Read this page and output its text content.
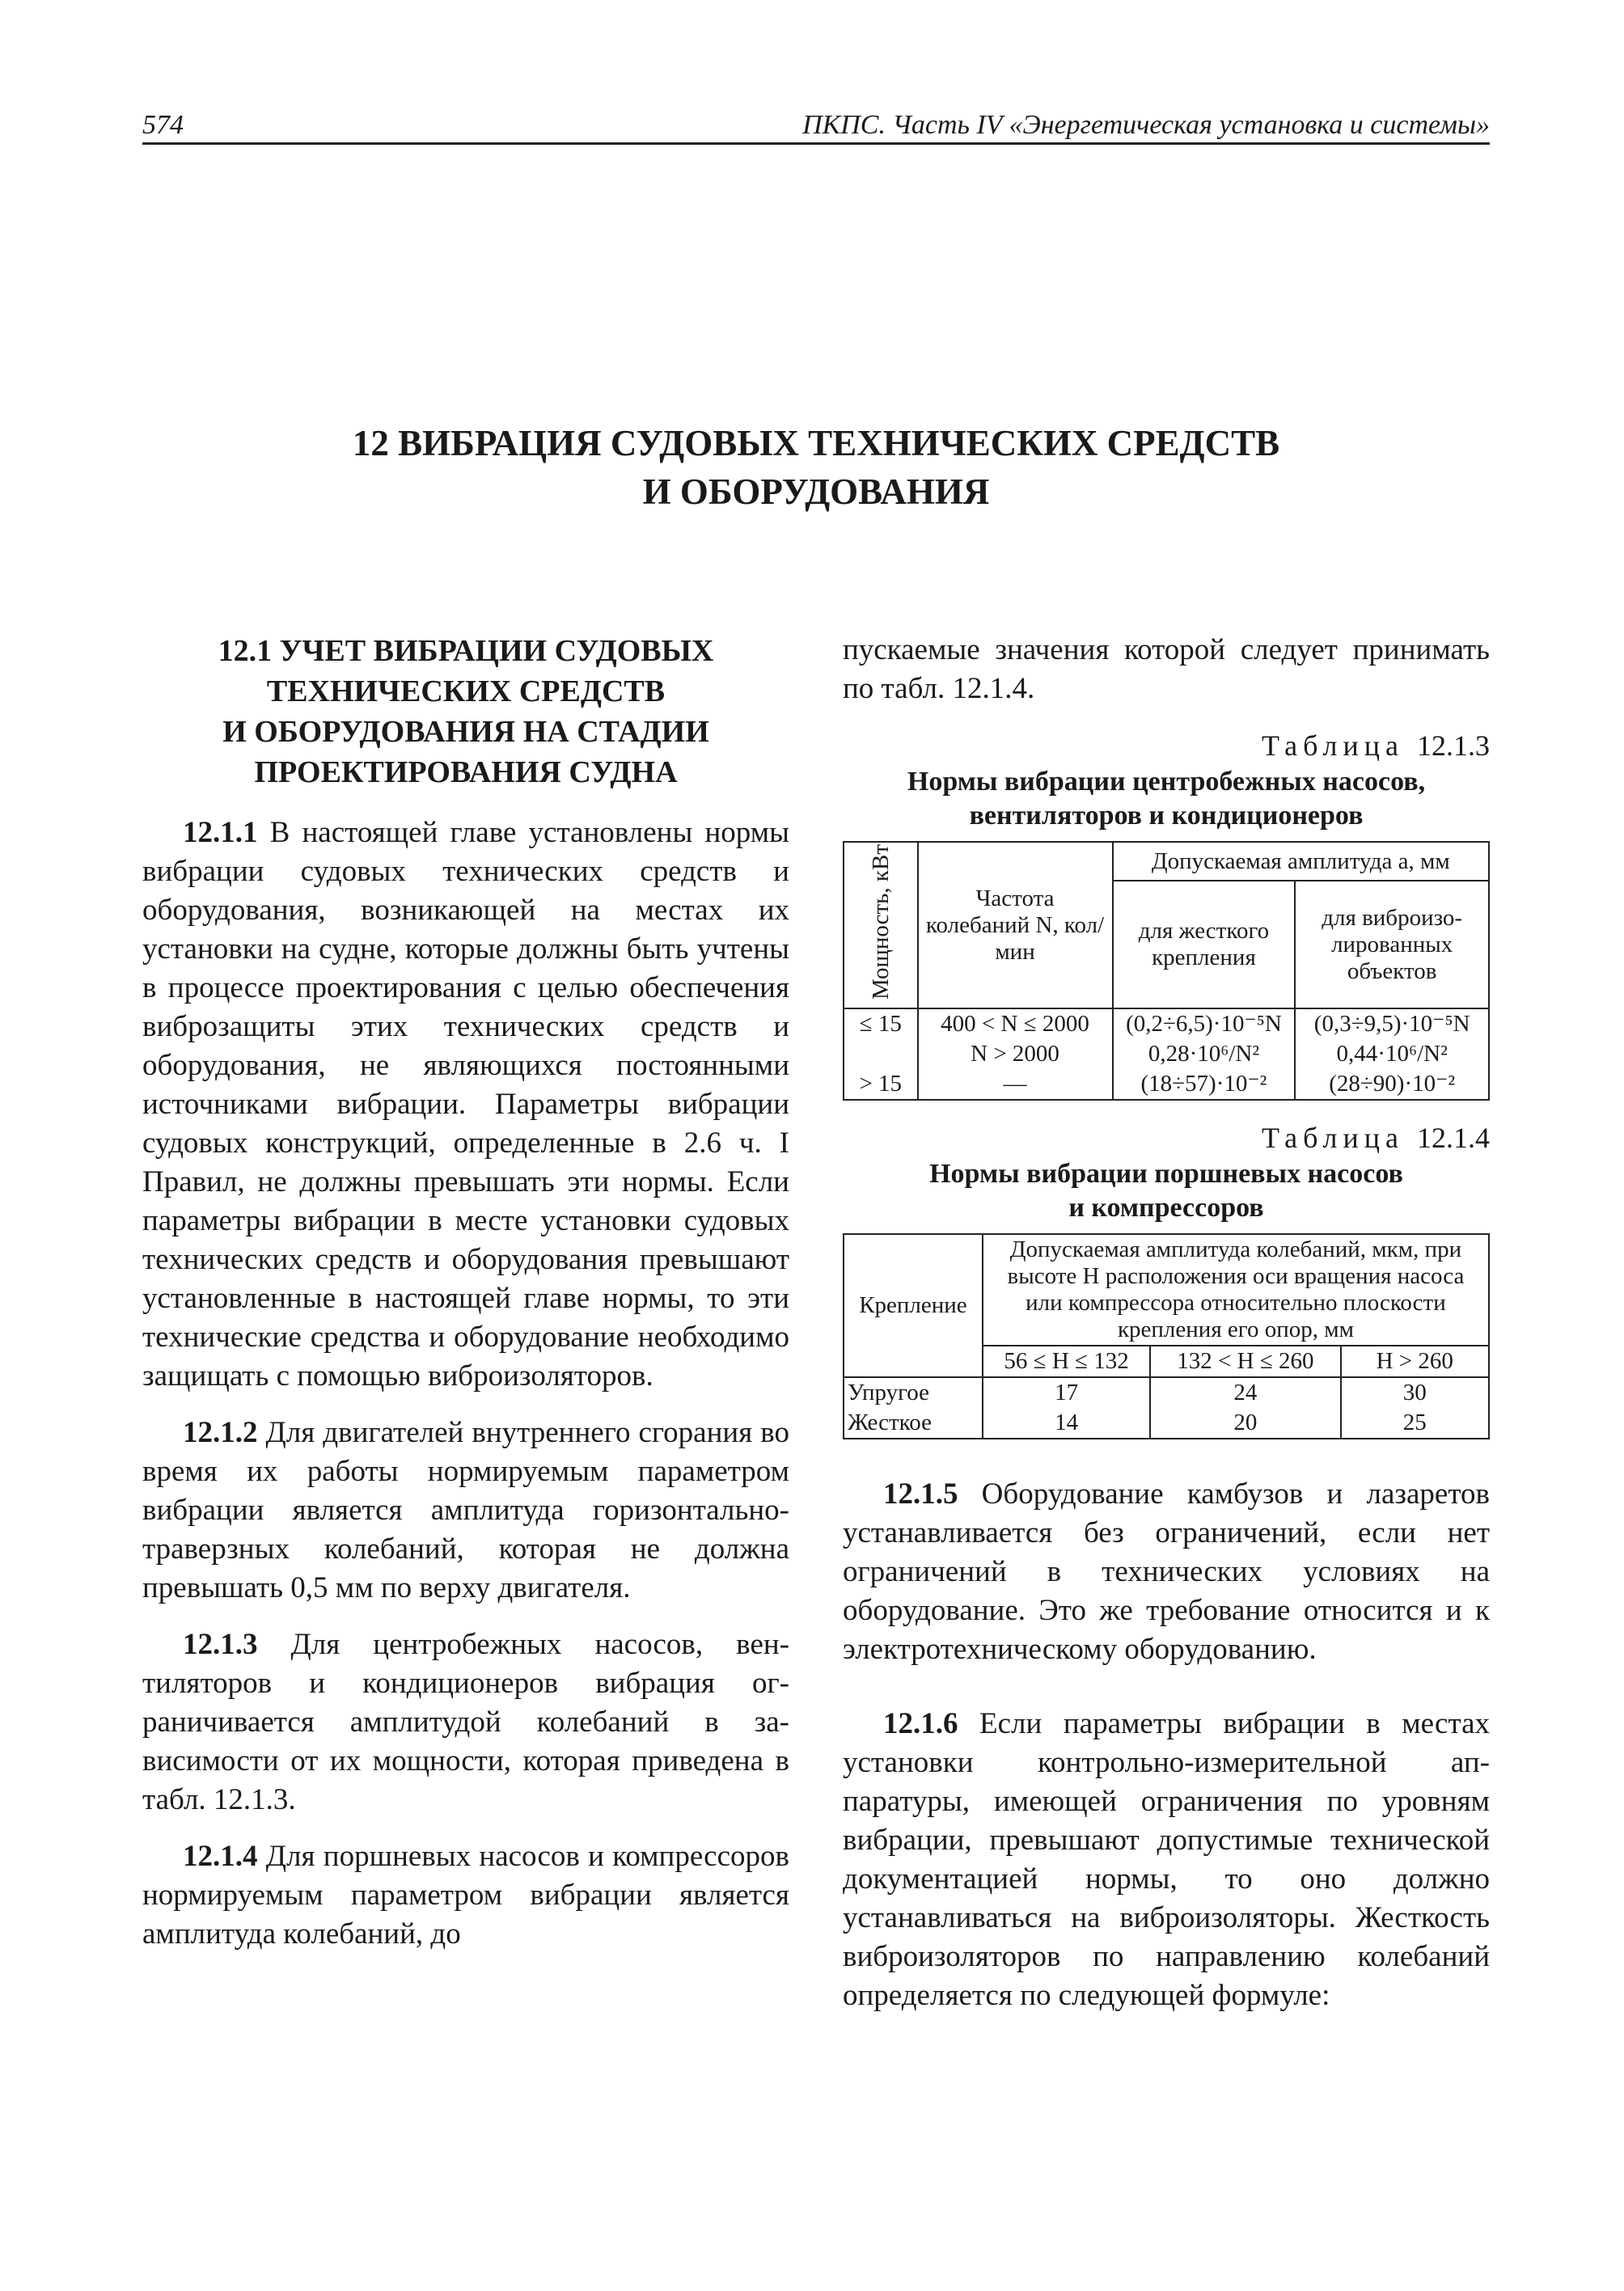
574	ПКПС. Часть IV «Энергетическая установка и системы»
12 ВИБРАЦИЯ СУДОВЫХ ТЕХНИЧЕСКИХ СРЕДСТВ
И ОБОРУДОВАНИЯ
12.1 УЧЕТ ВИБРАЦИИ СУДОВЫХ
ТЕХНИЧЕСКИХ СРЕДСТВ
И ОБОРУДОВАНИЯ НА СТАДИИ
ПРОЕКТИРОВАНИЯ СУДНА

12.1.1 В настоящей главе установлены нормы вибрации судовых технических средств и оборудования, возникающей на местах их установки на судне, которые должны быть учтены в процессе проектирования с целью обеспечения виброзащиты этих технических средств и оборудования, не являющихся постоянными источниками вибрации. Параметры вибрации судовых конструкций, определенные в 2.6 ч. I Правил, не должны превышать эти нормы. Если параметры вибрации в месте установки судовых технических средств и оборудования превышают установленные в настоящей главе нормы, то эти технические средства и оборудование необходимо защищать с помощью виброизоляторов.

12.1.2 Для двигателей внутреннего сгорания во время их работы нормируемым параметром вибрации является амплитуда горизонтально-траверзных колебаний, которая не должна превышать 0,5 мм по верху двигателя.

12.1.3 Для центробежных насосов, вентиляторов и кондиционеров вибрация ограничивается амплитудой колебаний в зависимости от их мощности, которая приведена в табл. 12.1.3.

12.1.4 Для поршневых насосов и компрессоров нормируемым параметром вибрации является амплитуда колебаний, до

пускаемые значения которой следует принимать по табл. 12.1.4.

Таблица 12.1.3
Нормы вибрации центробежных насосов,
вентиляторов и кондиционеров
Мощность, кВт	Частота колебаний N, кол/мин	Допускаемая амплитуда a, мм	
		для жесткого крепления	для виброизолированных объектов
≤ 15	400 < N ≤ 2000	(0,2÷6,5)·10⁻⁵N	(0,3÷9,5)·10⁻⁵N
	N > 2000	0,28·10⁶/N²	0,44·10⁶/N²
> 15	—	(18÷57)·10⁻²	(28÷90)·10⁻²
Таблица 12.1.4
Нормы вибрации поршневых насосов
и компрессоров
Крепление	Допускаемая амплитуда колебаний, мкм, при высоте H расположения оси вращения насоса или компрессора относительно плоскости крепления его опор, мм		
	56 ≤ H ≤ 132	132 < H ≤ 260	H > 260
Упругое	17	24	30
Жесткое	14	20	25

12.1.5 Оборудование камбузов и лазаретов устанавливается без ограничений, если нет ограничений в технических условиях на оборудование. Это же требование относится и к электротехническому оборудованию.

12.1.6 Если параметры вибрации в местах установки контрольно-измерительной аппаратуры, имеющей ограничения по уровням вибрации, превышают допустимые технической документацией нормы, то оно должно устанавливаться на виброизоляторы. Жесткость виброизоляторов по направлению колебаний определяется по следующей формуле:
